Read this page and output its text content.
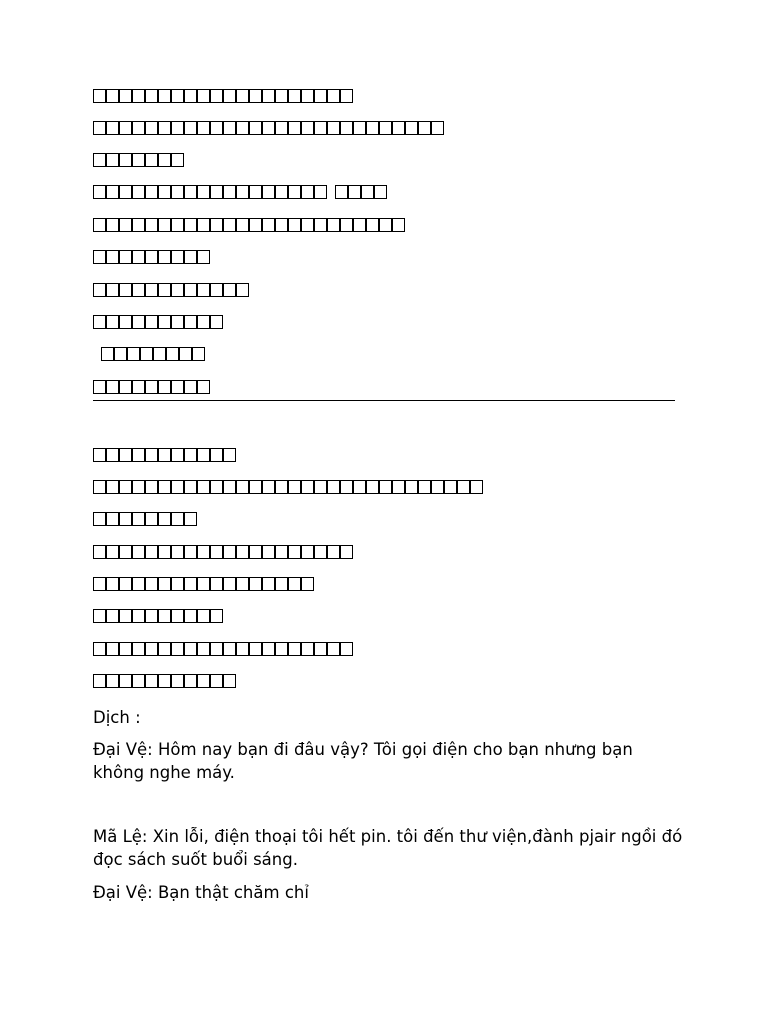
Dịch :
Đại Vệ: Hôm nay bạn đi đâu vậy? Tôi gọi điện cho bạn nhưng bạn không nghe máy.
Mã Lệ: Xin lỗi, điện thoại tôi hết pin. tôi đến thư viện,đành pjair ngồi đó đọc sách suốt buổi sáng.
Đại Vệ: Bạn thật chăm chỉ
